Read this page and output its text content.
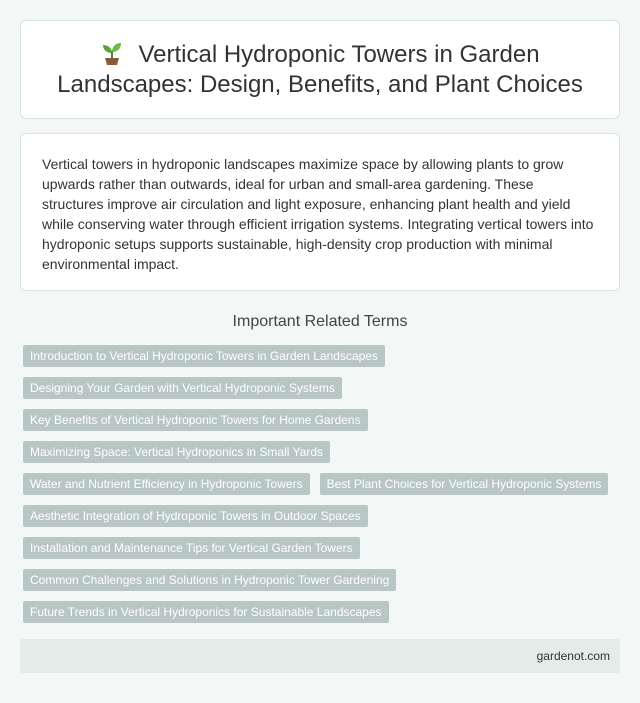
Vertical Hydroponic Towers in Garden Landscapes: Design, Benefits, and Plant Choices

Vertical towers in hydroponic landscapes maximize space by allowing plants to grow upwards rather than outwards, ideal for urban and small-area gardening. These structures improve air circulation and light exposure, enhancing plant health and yield while conserving water through efficient irrigation systems. Integrating vertical towers into hydroponic setups supports sustainable, high-density crop production with minimal environmental impact.

Important Related Terms
Introduction to Vertical Hydroponic Towers in Garden Landscapes
Designing Your Garden with Vertical Hydroponic Systems
Key Benefits of Vertical Hydroponic Towers for Home Gardens
Maximizing Space: Vertical Hydroponics in Small Yards
Water and Nutrient Efficiency in Hydroponic Towers	Best Plant Choices for Vertical Hydroponic Systems
Aesthetic Integration of Hydroponic Towers in Outdoor Spaces
Installation and Maintenance Tips for Vertical Garden Towers
Common Challenges and Solutions in Hydroponic Tower Gardening
Future Trends in Vertical Hydroponics for Sustainable Landscapes
gardenot.com
